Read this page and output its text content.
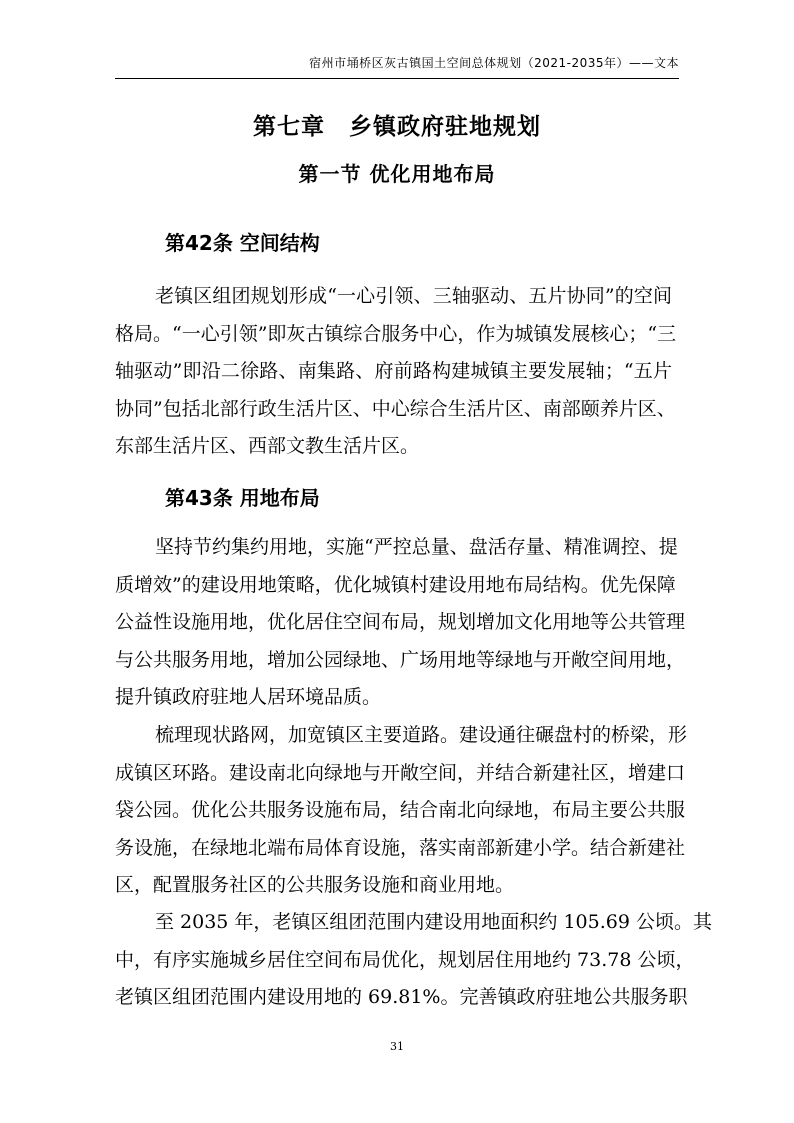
宿州市埇桥区灰古镇国土空间总体规划（2021-2035年）——文本
第七章　乡镇政府驻地规划
第一节 优化用地布局
第42条 空间结构
第43条 用地布局
31
老镇区组团规划形成“一心引领、三轴驱动、五片协同”的空间
格局。“一心引领”即灰古镇综合服务中心，作为城镇发展核心；“三
轴驱动”即沿二徐路、南集路、府前路构建城镇主要发展轴；“五片
协同”包括北部行政生活片区、中心综合生活片区、南部颐养片区、
东部生活片区、西部文教生活片区。
坚持节约集约用地，实施“严控总量、盘活存量、精准调控、提
质增效”的建设用地策略，优化城镇村建设用地布局结构。优先保障
公益性设施用地，优化居住空间布局，规划增加文化用地等公共管理
与公共服务用地，增加公园绿地、广场用地等绿地与开敞空间用地，
提升镇政府驻地人居环境品质。
梳理现状路网，加宽镇区主要道路。建设通往碾盘村的桥梁，形
成镇区环路。建设南北向绿地与开敞空间，并结合新建社区，增建口
袋公园。优化公共服务设施布局，结合南北向绿地，布局主要公共服
务设施，在绿地北端布局体育设施，落实南部新建小学。结合新建社
区，配置服务社区的公共服务设施和商业用地。
至 2035 年，老镇区组团范围内建设用地面积约 105.69 公顷。其
中，有序实施城乡居住空间布局优化，规划居住用地约 73.78 公顷，
老镇区组团范围内建设用地的 69.81%。完善镇政府驻地公共服务职
